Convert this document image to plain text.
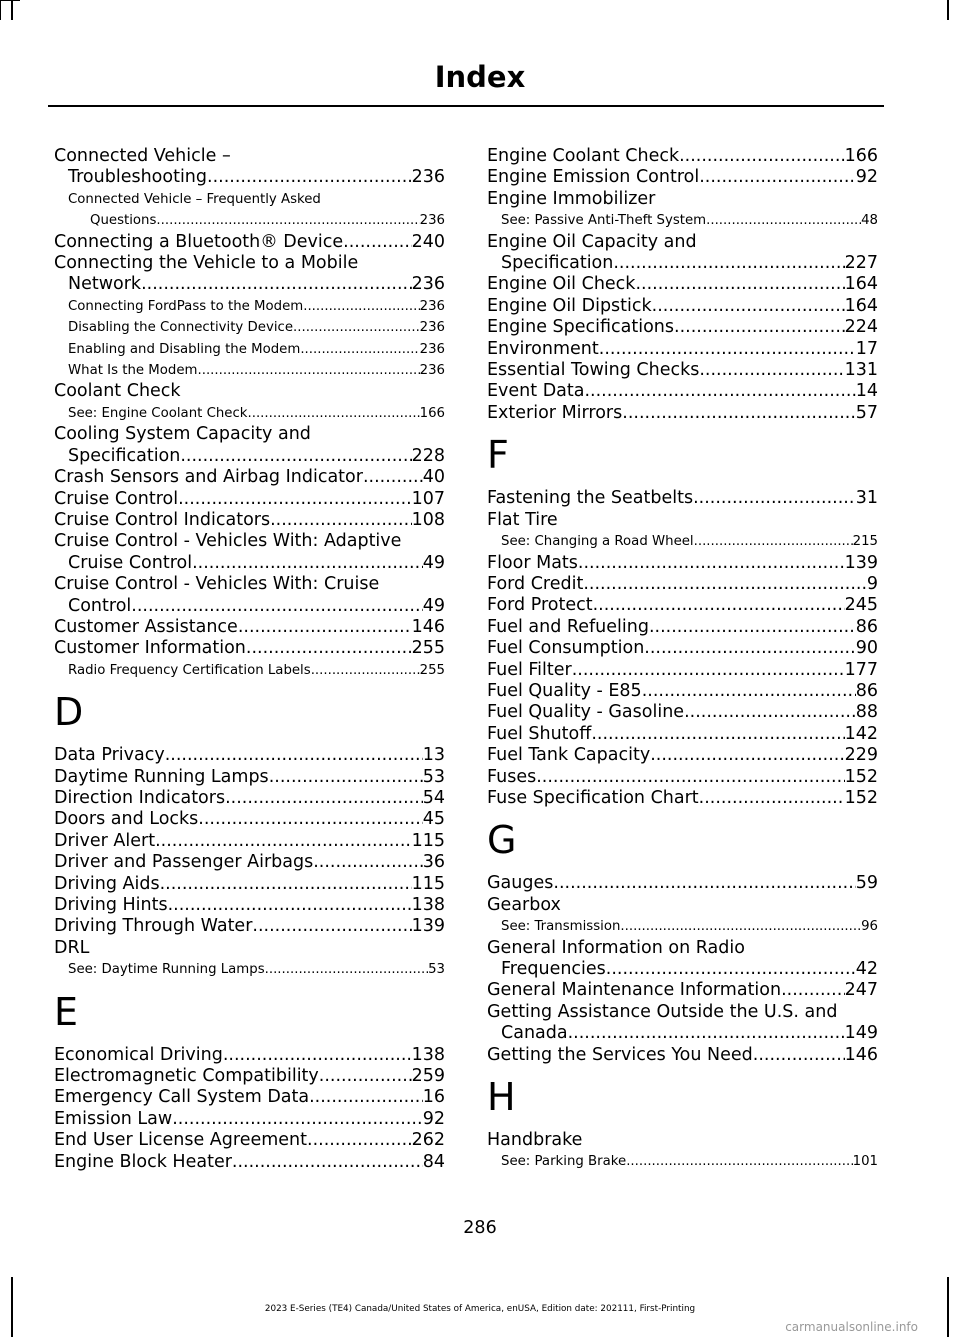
Index
Connected Vehicle –
Troubleshooting .....	236
Connected Vehicle – Frequently Asked
Questions .....	236
Connecting a Bluetooth® Device .....	240
Connecting the Vehicle to a Mobile
Network .....	236
Connecting FordPass to the Modem .....	236
Disabling the Connectivity Device .....	236
Enabling and Disabling the Modem .....	236
What Is the Modem .....	236
Coolant Check
See: Engine Coolant Check .....	166
Cooling System Capacity and
Specification .....	228
Crash Sensors and Airbag Indicator .....	40
Cruise Control .....	107
Cruise Control Indicators .....	108
Cruise Control - Vehicles With: Adaptive
Cruise Control .....	49
Cruise Control - Vehicles With: Cruise
Control .....	49
Customer Assistance .....	146
Customer Information .....	255
Radio Frequency Certification Labels .....	255
D
Data Privacy .....	13
Daytime Running Lamps .....	53
Direction Indicators .....	54
Doors and Locks .....	45
Driver Alert .....	115
Driver and Passenger Airbags .....	36
Driving Aids .....	115
Driving Hints .....	138
Driving Through Water .....	139
DRL
See: Daytime Running Lamps .....	53
E
Economical Driving .....	138
Electromagnetic Compatibility .....	259
Emergency Call System Data .....	16
Emission Law .....	92
End User License Agreement .....	262
Engine Block Heater .....	84
Engine Coolant Check .....	166
Engine Emission Control .....	92
Engine Immobilizer
See: Passive Anti-Theft System .....	48
Engine Oil Capacity and
Specification .....	227
Engine Oil Check .....	164
Engine Oil Dipstick .....	164
Engine Specifications .....	224
Environment .....	17
Essential Towing Checks .....	131
Event Data .....	14
Exterior Mirrors .....	57
F
Fastening the Seatbelts .....	31
Flat Tire
See: Changing a Road Wheel .....	215
Floor Mats .....	139
Ford Credit .....	9
Ford Protect .....	245
Fuel and Refueling .....	86
Fuel Consumption .....	90
Fuel Filter .....	177
Fuel Quality - E85 .....	86
Fuel Quality - Gasoline .....	88
Fuel Shutoff .....	142
Fuel Tank Capacity .....	229
Fuses .....	152
Fuse Specification Chart .....	152
G
Gauges .....	59
Gearbox
See: Transmission .....	96
General Information on Radio
Frequencies .....	42
General Maintenance Information .....	247
Getting Assistance Outside the U.S. and
Canada .....	149
Getting the Services You Need .....	146
H
Handbrake
See: Parking Brake .....	101
286
2023 E-Series (TE4) Canada/United States of America, enUSA, Edition date: 202111, First-Printing
carmanualsonline.info
